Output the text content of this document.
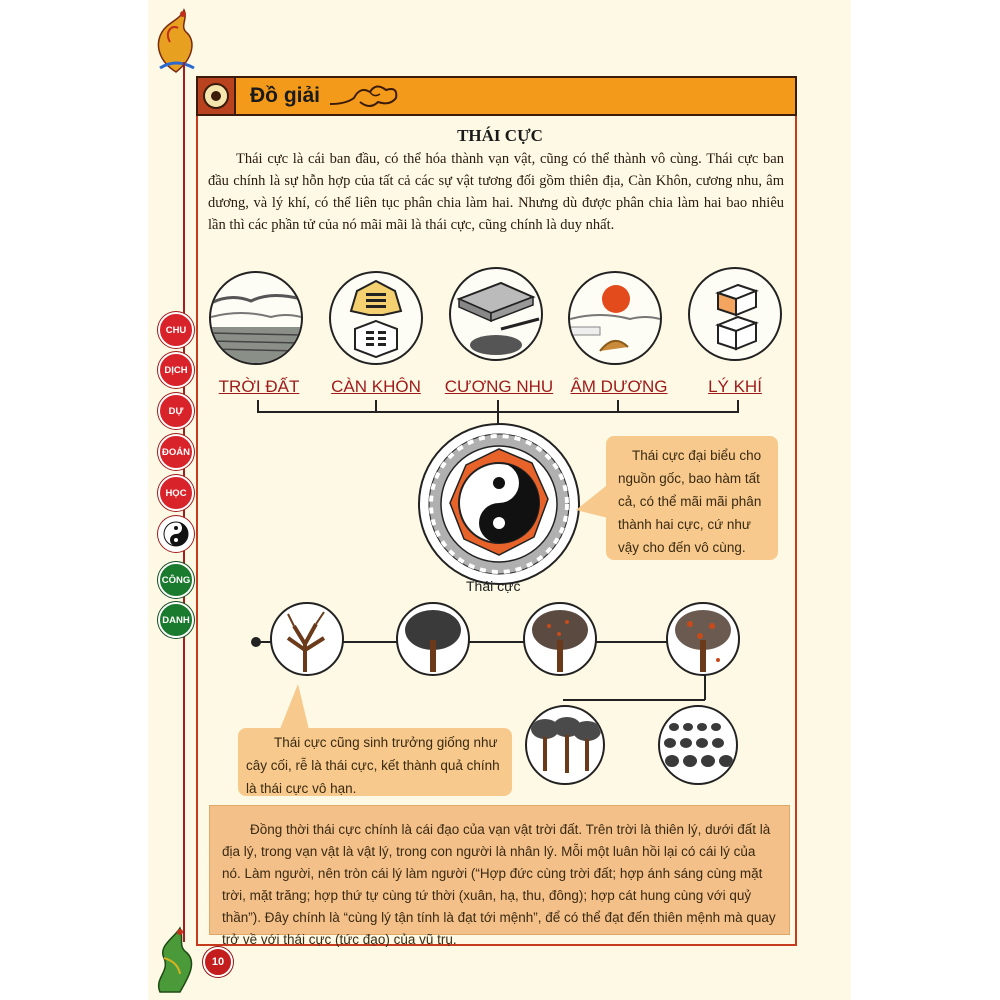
Đồ giải
THÁI CỰC

Thái cực là cái ban đầu, có thể hóa thành vạn vật, cũng có thể thành vô cùng. Thái cực ban đầu chính là sự hỗn hợp của tất cả các sự vật tương đối gồm thiên địa, Càn Khôn, cương nhu, âm dương, và lý khí, có thể liên tục phân chia làm hai. Nhưng dù được phân chia làm hai bao nhiêu lần thì các phần tử của nó mãi mãi là thái cực, cũng chính là duy nhất.

CHU
DỊCH
DỰ
ĐOÁN
HỌC
CÔNG
DANH
TRỜI ĐẤT	CÀN KHÔN	CƯƠNG NHU ÂM DƯƠNG	LÝ KHÍ
Thái cực
Thái cực đại biểu cho nguồn gốc, bao hàm tất cả, có thể mãi mãi phân thành hai cực, cứ như vậy cho đến vô cùng.
Thái cực cũng sinh trưởng giống như cây cối, rễ là thái cực, kết thành quả chính là thái cực vô hạn.
Đồng thời thái cực chính là cái đạo của vạn vật trời đất. Trên trời là thiên lý, dưới đất là địa lý, trong vạn vật là vật lý, trong con người là nhân lý. Mỗi một luân hồi lại có cái lý của nó. Làm người, nên tròn cái lý làm người (“Hợp đức cùng trời đất; hợp ánh sáng cùng mặt trời, mặt trăng; hợp thứ tự cùng tứ thời (xuân, hạ, thu, đông); hợp cát hung cùng với quỷ thần”). Đây chính là “cùng lý tận tính là đạt tới mệnh”, để có thể đạt đến thiên mệnh mà quay trở về với thái cực (tức đạo) của vũ trụ.
10
